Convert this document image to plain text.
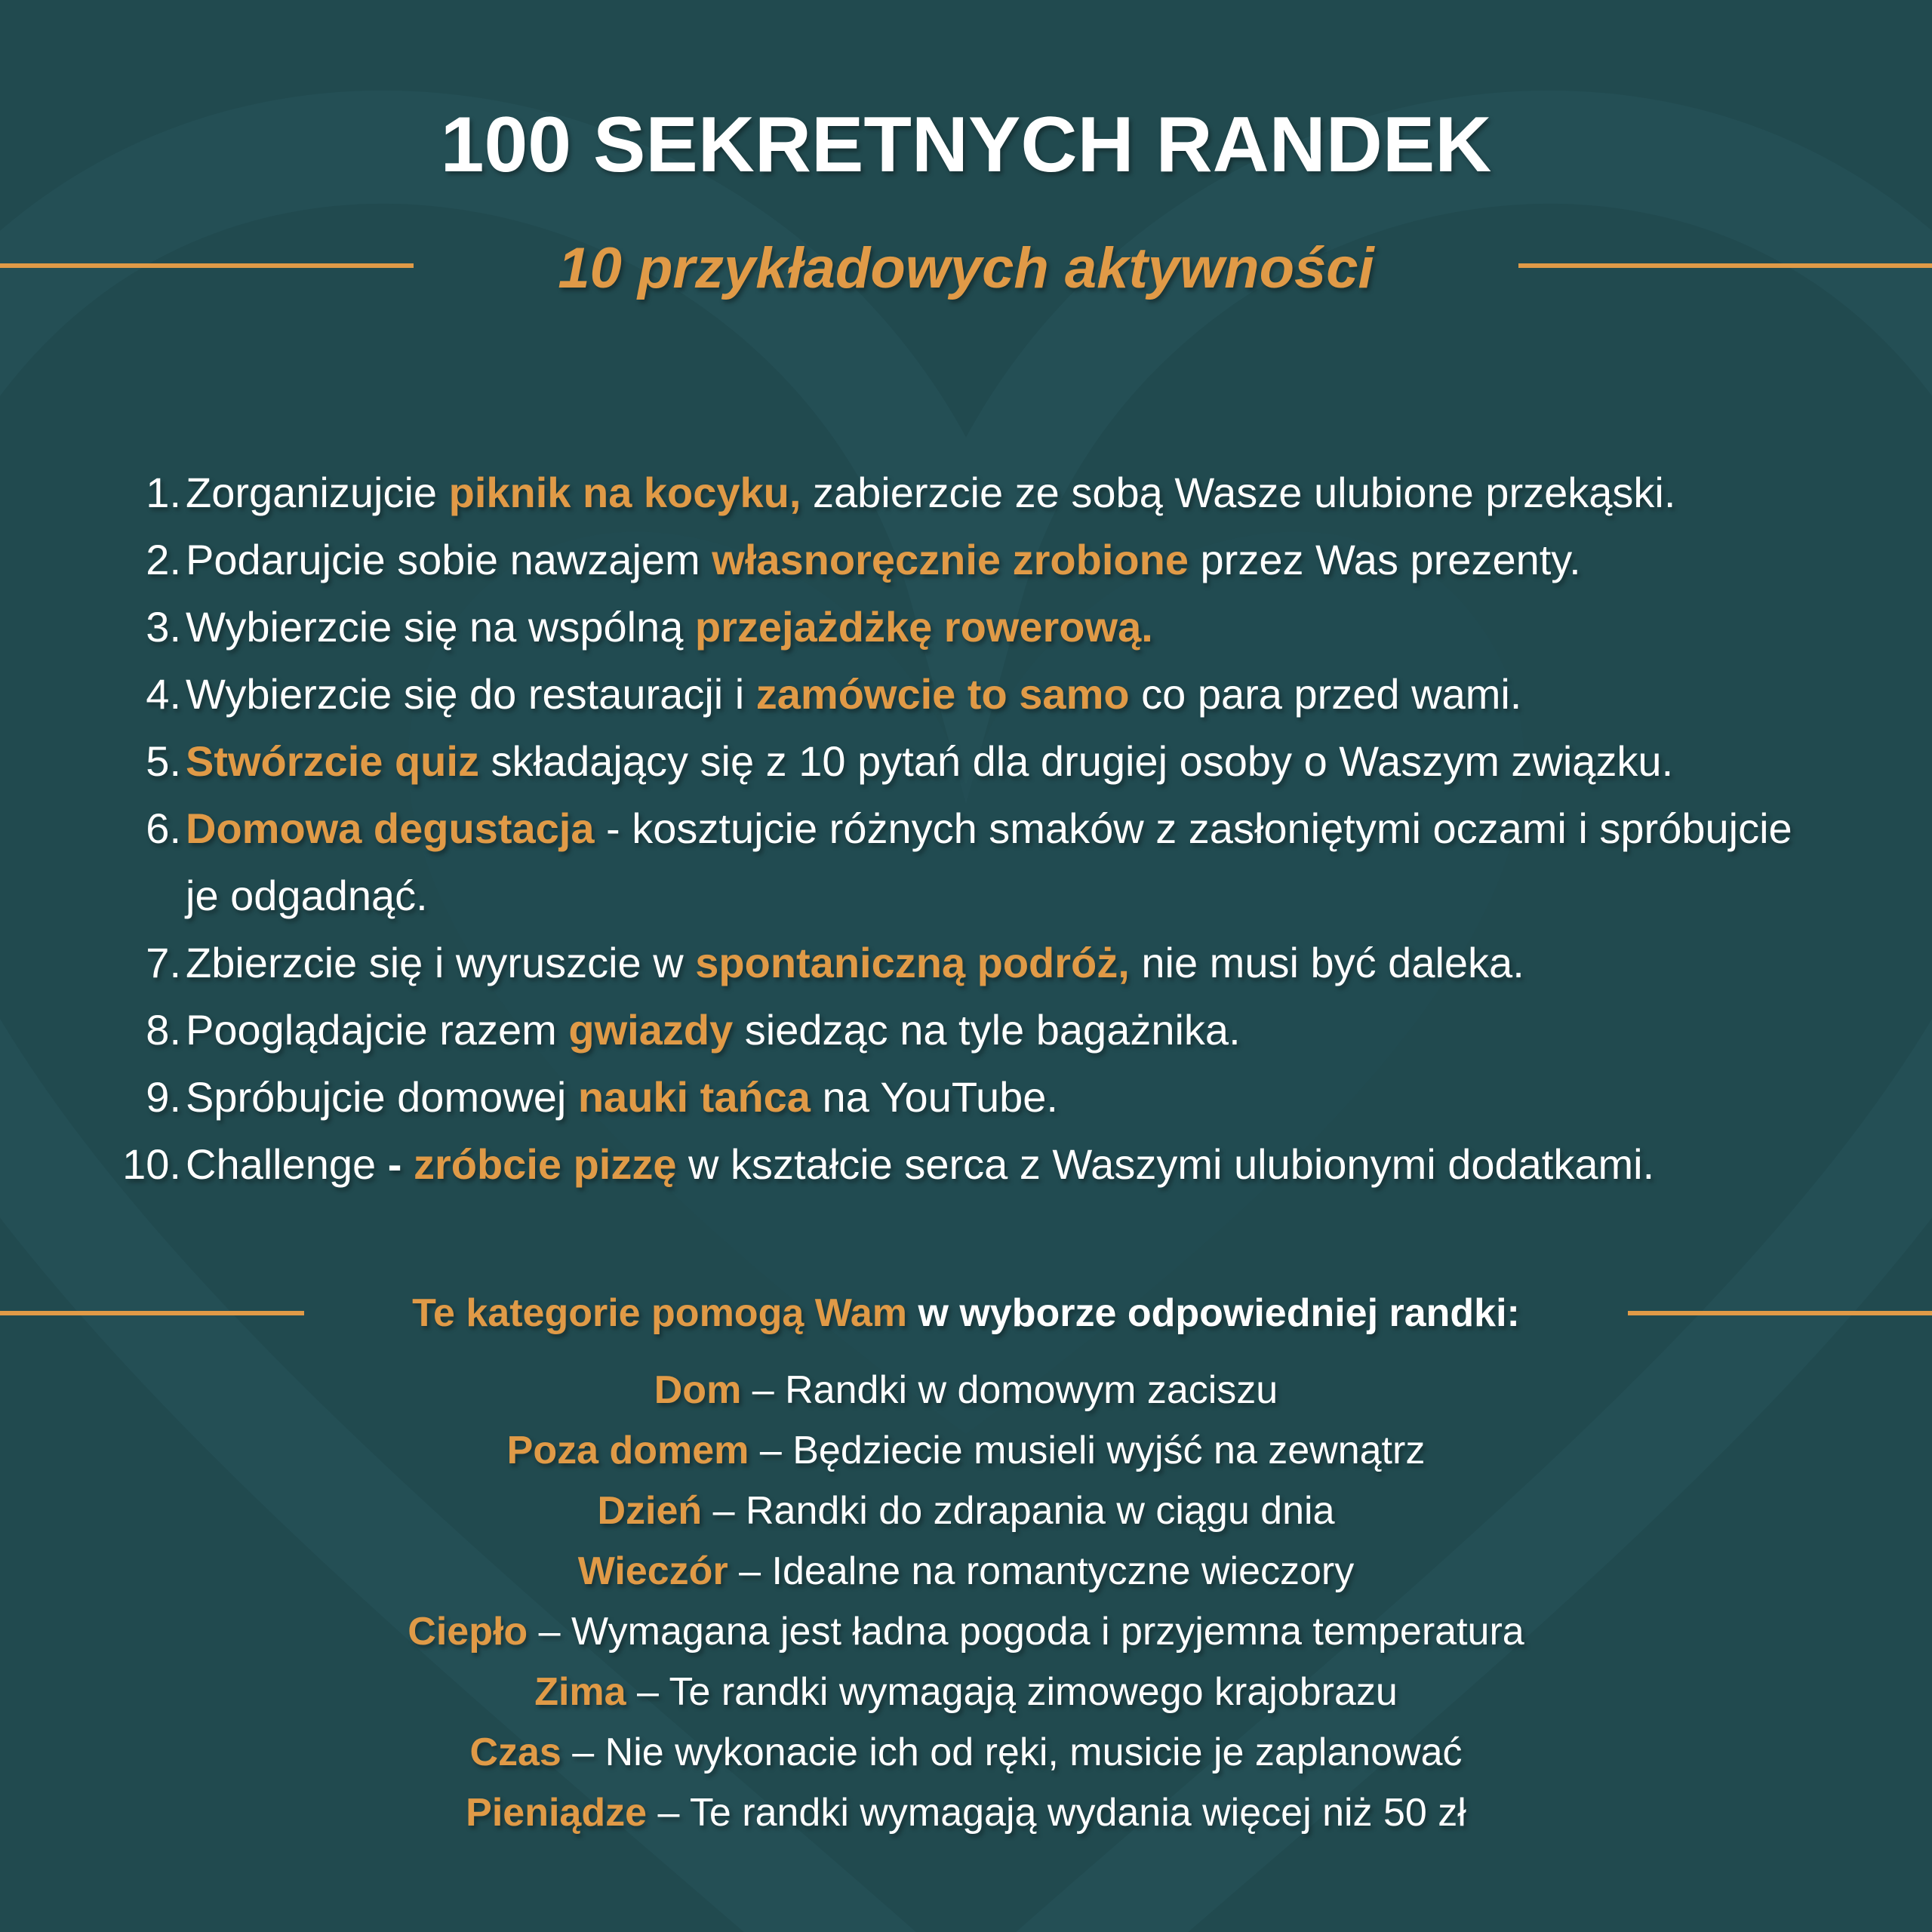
100 SEKRETNYCH RANDEK
10 przykładowych aktywności
1. Zorganizujcie piknik na kocyku, zabierzcie ze sobą Wasze ulubione przekąski.
2. Podarujcie sobie nawzajem własnoręcznie zrobione przez Was prezenty.
3. Wybierzcie się na wspólną przejażdżkę rowerową.
4. Wybierzcie się do restauracji i zamówcie to samo co para przed wami.
5. Stwórzcie quiz składający się z 10 pytań dla drugiej osoby o Waszym związku.
6. Domowa degustacja - kosztujcie różnych smaków z zasłoniętymi oczami i spróbujcie je odgadnąć.
7. Zbierzcie się i wyruszcie w spontaniczną podróż, nie musi być daleka.
8. Pooglądajcie razem gwiazdy siedząc na tyle bagażnika.
9. Spróbujcie domowej nauki tańca na YouTube.
10. Challenge - zróbcie pizzę w kształcie serca z Waszymi ulubionymi dodatkami.
Te kategorie pomogą Wam w wyborze odpowiedniej randki:
Dom – Randki w domowym zaciszu
Poza domem – Będziecie musieli wyjść na zewnątrz
Dzień – Randki do zdrapania w ciągu dnia
Wieczór – Idealne na romantyczne wieczory
Ciepło – Wymagana jest ładna pogoda i przyjemna temperatura
Zima – Te randki wymagają zimowego krajobrazu
Czas – Nie wykonacie ich od ręki, musicie je zaplanować
Pieniądze – Te randki wymagają wydania więcej niż 50 zł
